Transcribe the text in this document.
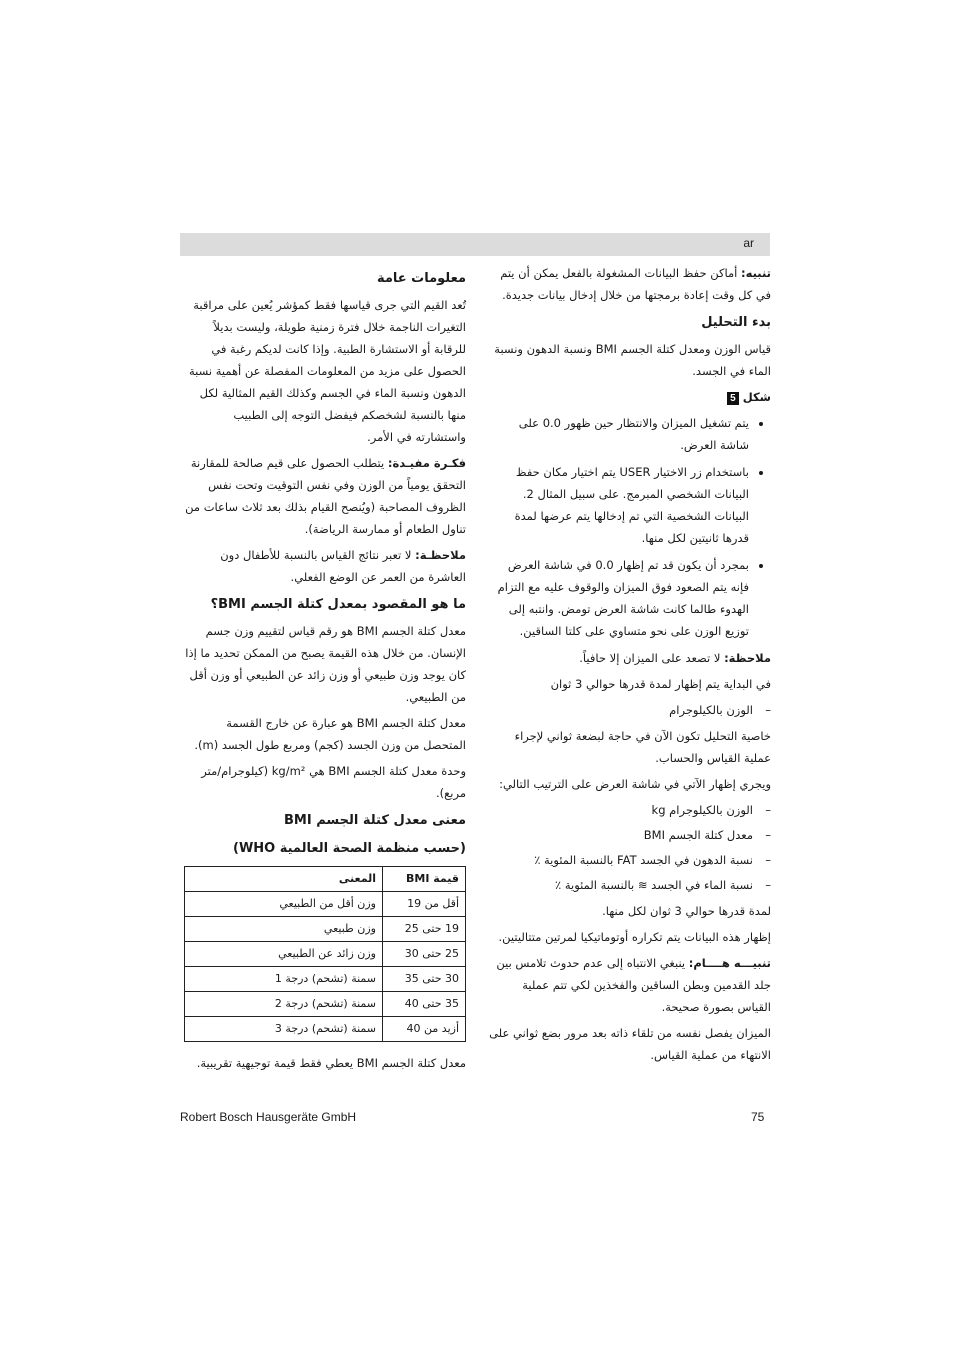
ar

تنبيه: أماكن حفظ البيانات المشغولة بالفعل يمكن أن يتم في كل وقت إعادة برمجتها من خلال إدخال بيانات جديدة.

بدء التحليل

قياس الوزن ومعدل كتلة الجسم BMI ونسبة الدهون ونسبة الماء في الجسد.

شكل 5
• يتم تشغيل الميزان والانتظار حين ظهور 0.0 على شاشة العرض.
• باستخدام زر الاختيار USER يتم اختيار مكان حفظ البيانات الشخصي المبرمج. على سبيل المثال 2. البيانات الشخصية التي تم إدخالها يتم عرضها لمدة قدرها ثانيتين لكل منها.
• بمجرد أن يكون قد تم إظهار 0.0 في شاشة العرض فإنه يتم الصعود فوق الميزان والوقوف عليه مع التزام الهدوء طالما كانت شاشة العرض تومض. وانتبه إلى توزيع الوزن على نحو متساوي على كلتا الساقين.

ملاحظة: لا تصعد على الميزان إلا حافياً.

في البداية يتم إظهار لمدة قدرها حوالي 3 ثوان

– الوزن بالكيلوجرام

خاصية التحليل تكون الآن في حاجة لبضعة ثواني لإجراء عملية القياس والحساب.

ويجري إظهار الآتي في شاشة العرض على الترتيب التالي:

– الوزن بالكيلوجرام kg
– معدل كتلة الجسم BMI
– نسبة الدهون في الجسد FAT بالنسبة المئوية ٪
– نسبة الماء في الجسد ≋ بالنسبة المئوية ٪

لمدة قدرها حوالي 3 ثوان لكل منها.

إظهار هذه البيانات يتم تكراره أوتوماتيكيا لمرتين متتاليتين.

تنبيـــه هــــام: ينبغي الانتباه إلى عدم حدوث تلامس بين جلد القدمين وبطن الساقين والفخذين لكي تتم عملية القياس بصورة صحيحة.

الميزان يفصل نفسه من تلقاء ذاته بعد مرور بضع ثواني على الانتهاء من عملية القياس.

معلومات عامة

تُعد القيم التي جرى قياسها فقط كمؤشر يُعين على مراقبة التغيرات الناجمة خلال فترة زمنية طويلة، وليست بديلاً للرقابة أو الاستشارة الطبية. وإذا كانت لديكم رغبة في الحصول على مزيد من المعلومات المفصلة عن أهمية نسبة الدهون ونسبة الماء في الجسم وكذلك القيم المثالية لكل منها بالنسبة لشخصكم فيفضل التوجه إلى الطبيب واستشارته في الأمر.

فكـرة مفيـدة: يتطلب الحصول على قيم صالحة للمقارنة التحقق يومياً من الوزن وفي نفس التوقيت وتحت نفس الظروف المصاحبة (ويُنصح القيام بذلك بعد ثلاث ساعات من تناول الطعام أو ممارسة الرياضة).

ملاحظـة: لا تعبر نتائج القياس بالنسبة للأطفال دون العاشرة من العمر عن الوضع الفعلي.

ما هو المقصود بمعدل كتلة الجسم BMI؟

معدل كتلة الجسم BMI هو رقم قياس لتقييم وزن جسم الإنسان. من خلال هذه القيمة يصبح من الممكن تحديد ما إذا كان يوجد وزن طبيعي أو وزن زائد عن الطبيعي أو وزن أقل من الطبيعي.

معدل كتلة الجسم BMI هو عبارة عن خارج القسمة المتحصل من وزن الجسد (كجم) ومربع طول الجسد (m).

وحدة معدل كتلة الجسم BMI هي kg/m² (كيلوجرام/متر مربع).

معنى معدل كتلة الجسم BMI
(حسب منظمة الصحة العالمية WHO)
قيمة BMI	المعنى
أقل من 19	وزن أقل من الطبيعي
19 حتى 25	وزن طبيعي
25 حتى 30	وزن زائد عن الطبيعي
30 حتى 35	سمنة (تشحم) درجة 1
35 حتى 40	سمنة (تشحم) درجة 2
أزيد من 40	سمنة (تشحم) درجة 3

معدل كتلة الجسم BMI يعطي فقط قيمة توجيهية تقريبية.

Robert Bosch Hausgeräte GmbH	75
